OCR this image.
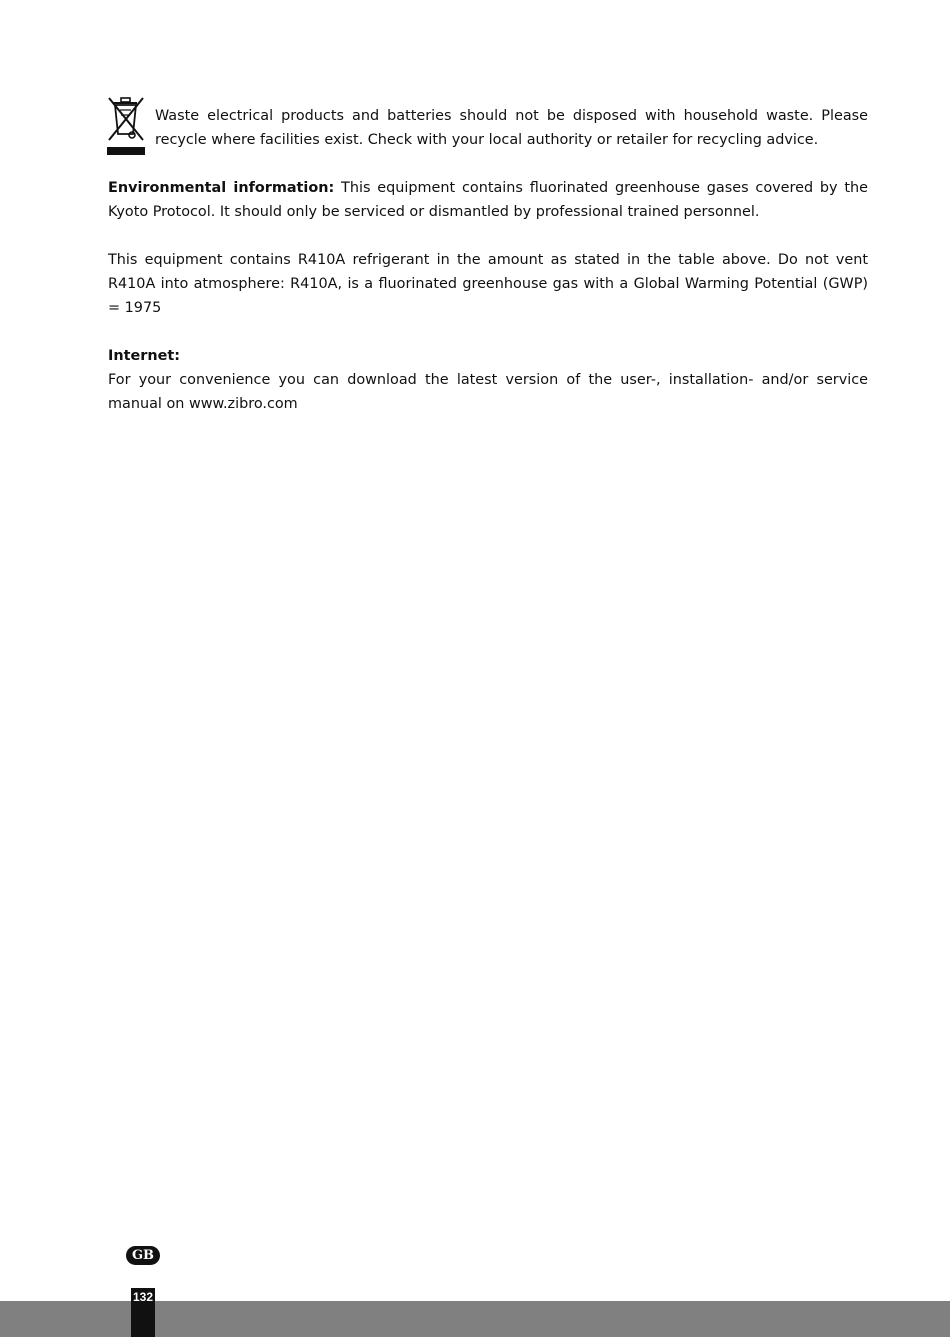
Waste electrical products and batteries should not be disposed with household waste. Please recycle where facilities exist. Check with your local authority or retailer for recycling advice.

Environmental information: This equipment contains fluorinated greenhouse gases covered by the Kyoto Protocol. It should only be serviced or dismantled by professional trained personnel.

This equipment contains R410A refrigerant in the amount as stated in the table above. Do not vent R410A into atmosphere: R410A, is a fluorinated greenhouse gas with a Global Warming Potential (GWP) = 1975

Internet:

For your convenience you can download the latest version of the user-, installation- and/or service manual on www.zibro.com

GB
132
